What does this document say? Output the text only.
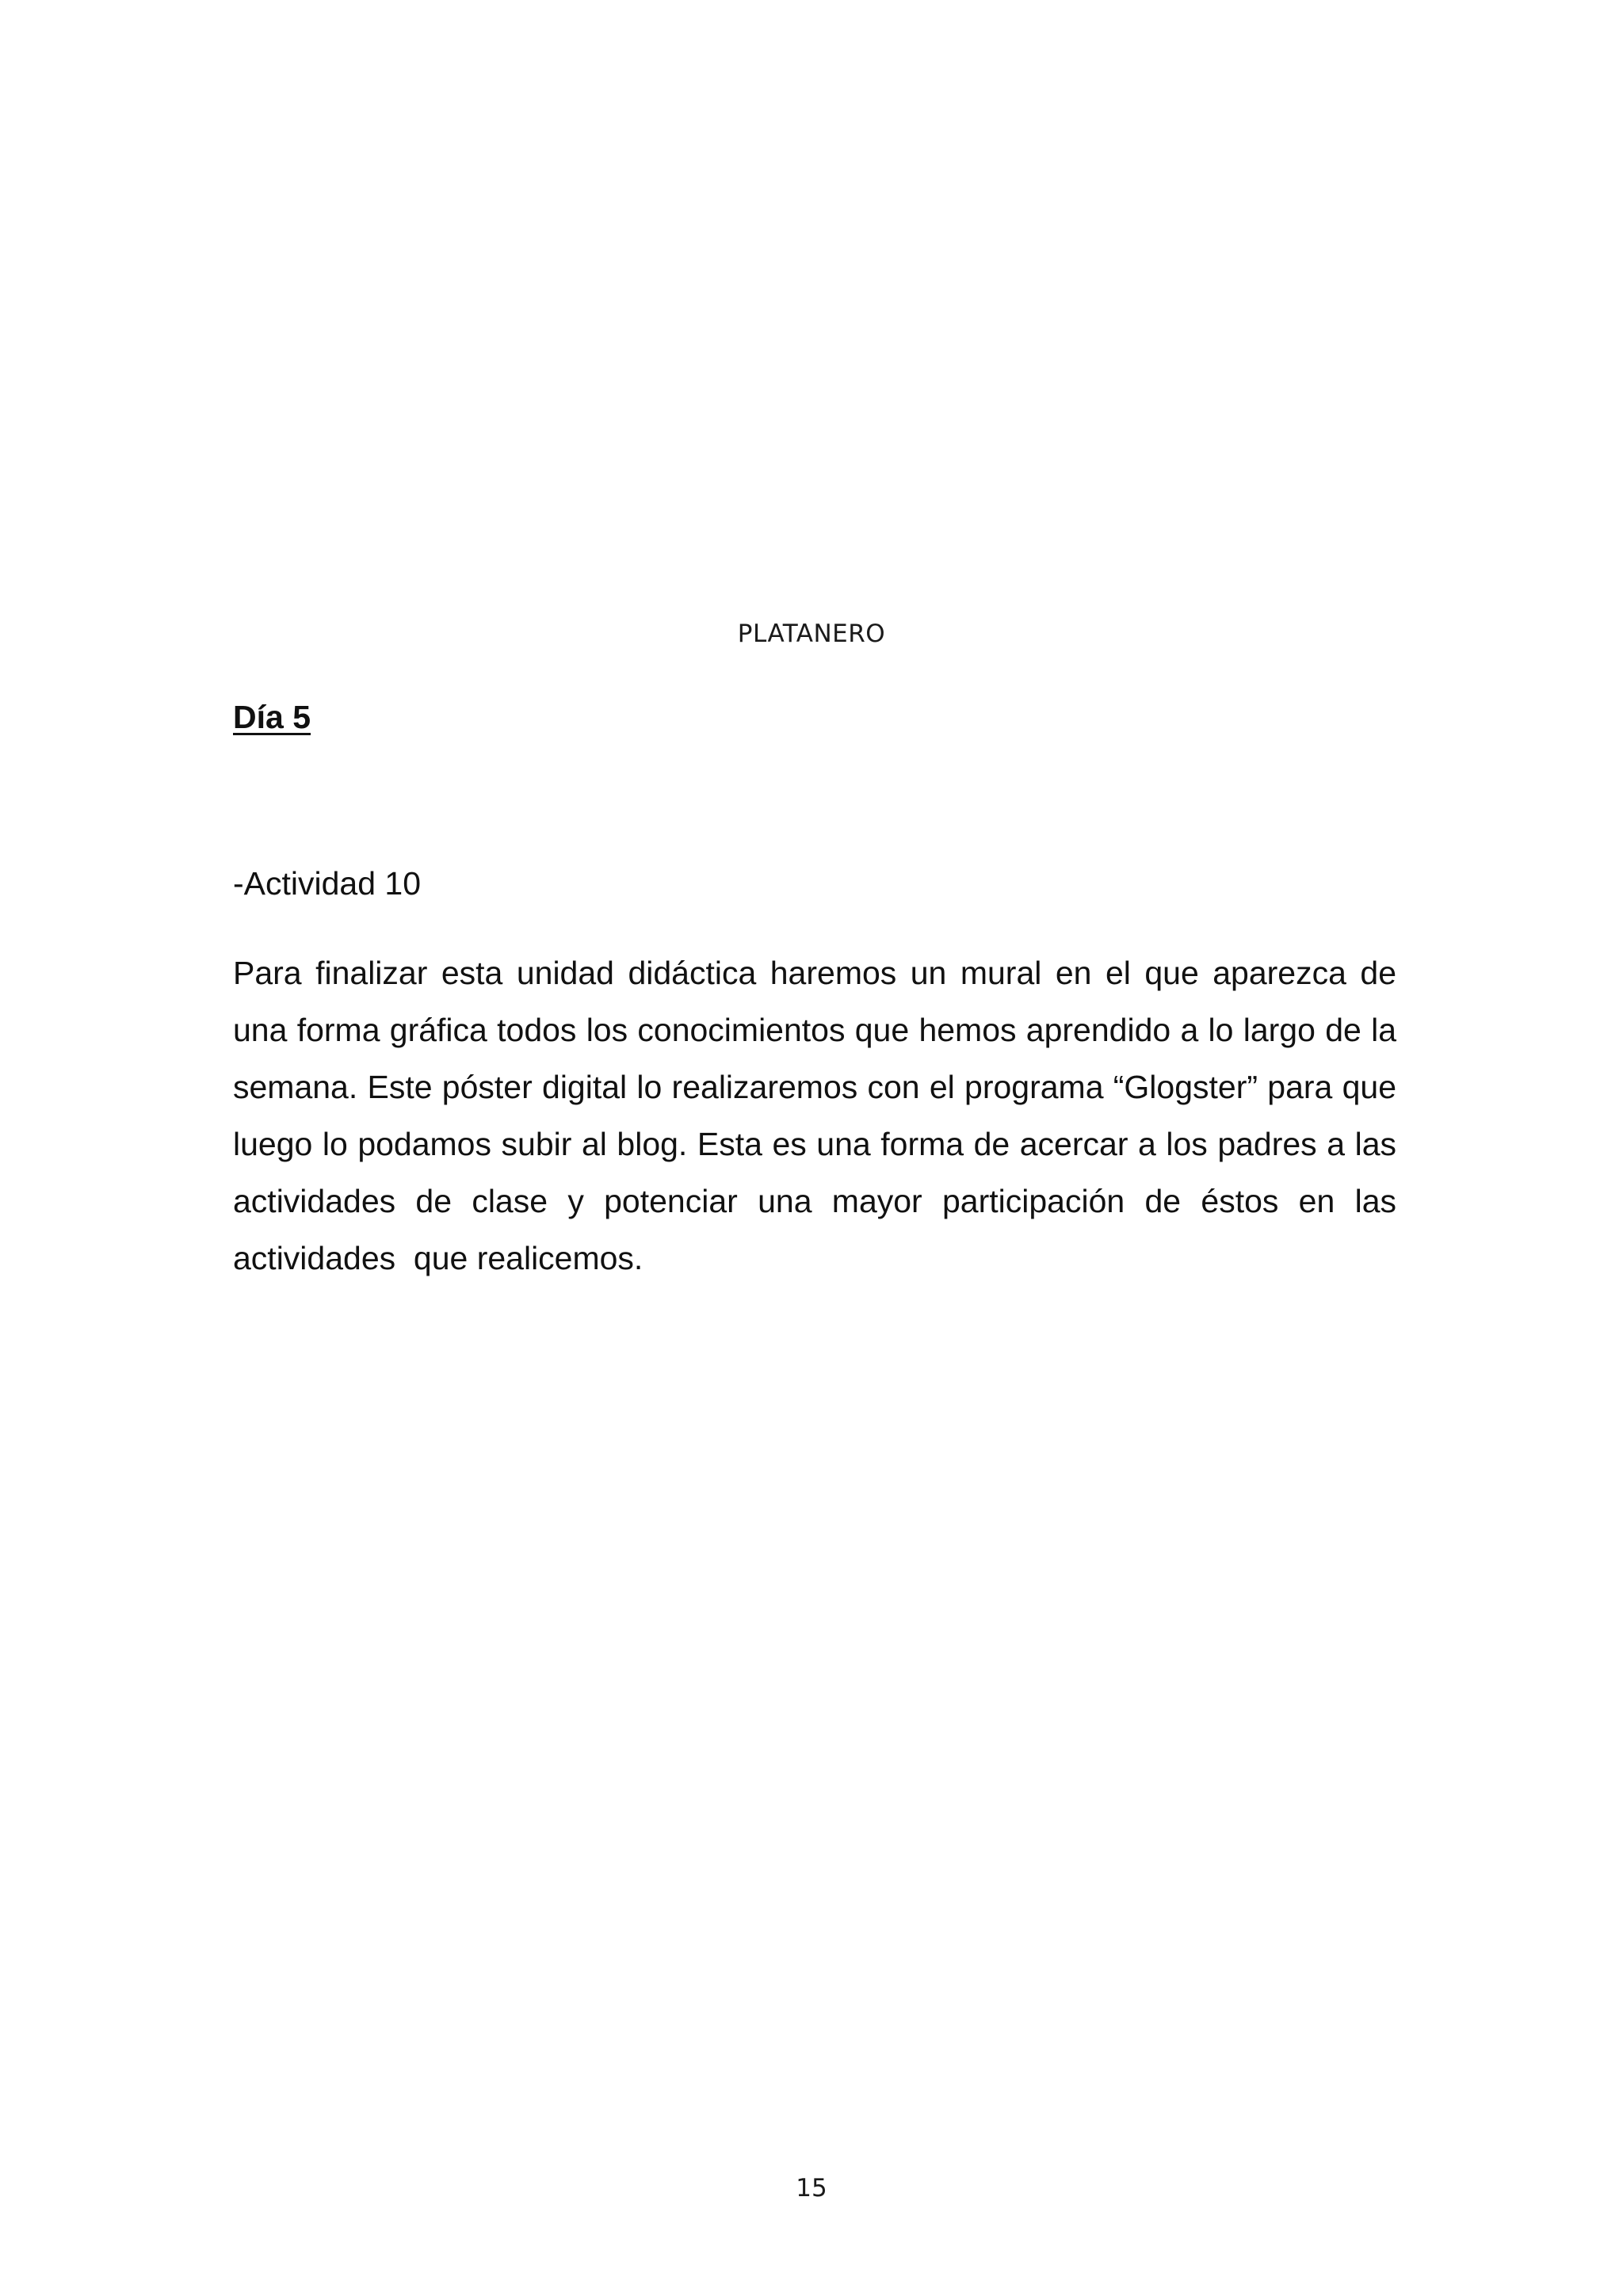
PLATANERO
Día 5

-Actividad 10

Para finalizar esta unidad didáctica haremos un mural en el que aparezca de una forma gráfica todos los conocimientos que hemos aprendido a lo largo de la semana. Este póster digital lo realizaremos con el programa “Glogster” para que  luego lo podamos subir al blog. Esta es una forma de acercar a los padres a las actividades de clase y potenciar una mayor participación de éstos en las actividades  que realicemos.

15
